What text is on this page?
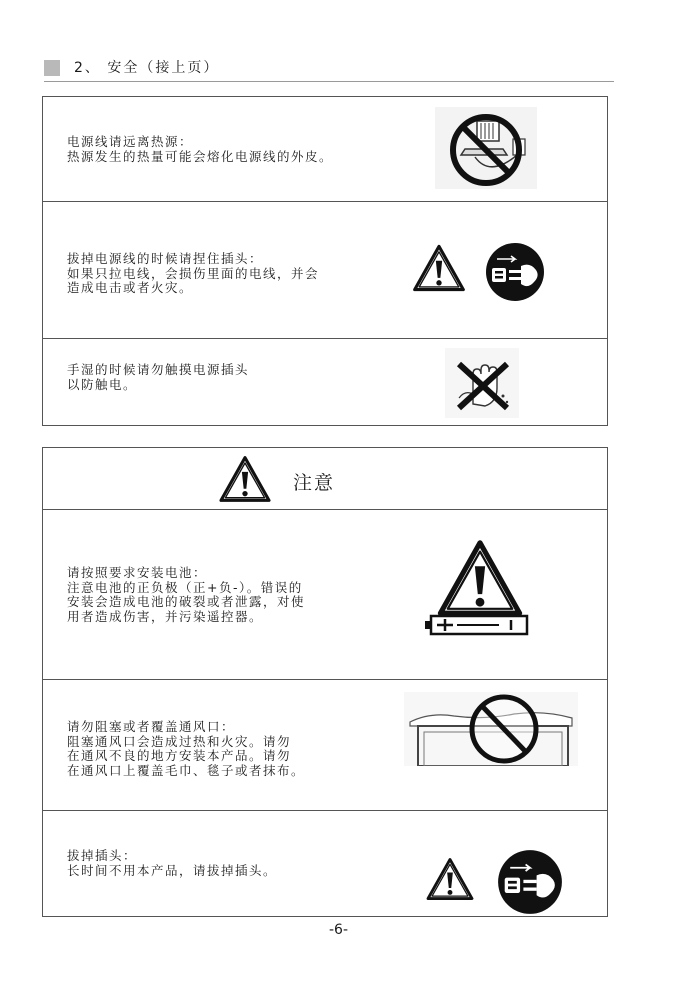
2、 安全（接上页）
电源线请远离热源：
热源发生的热量可能会熔化电源线的外皮。
拔掉电源线的时候请捏住插头：
如果只拉电线，会损伤里面的电线，并会
造成电击或者火灾。
手湿的时候请勿触摸电源插头
以防触电。
注意
请按照要求安装电池：
注意电池的正负极（正+负-）。错误的
安装会造成电池的破裂或者泄露，对使
用者造成伤害，并污染遥控器。
请勿阻塞或者覆盖通风口：
阻塞通风口会造成过热和火灾。请勿
在通风不良的地方安装本产品。请勿
在通风口上覆盖毛巾、毯子或者抹布。
拔掉插头：
长时间不用本产品，请拔掉插头。
-6-
